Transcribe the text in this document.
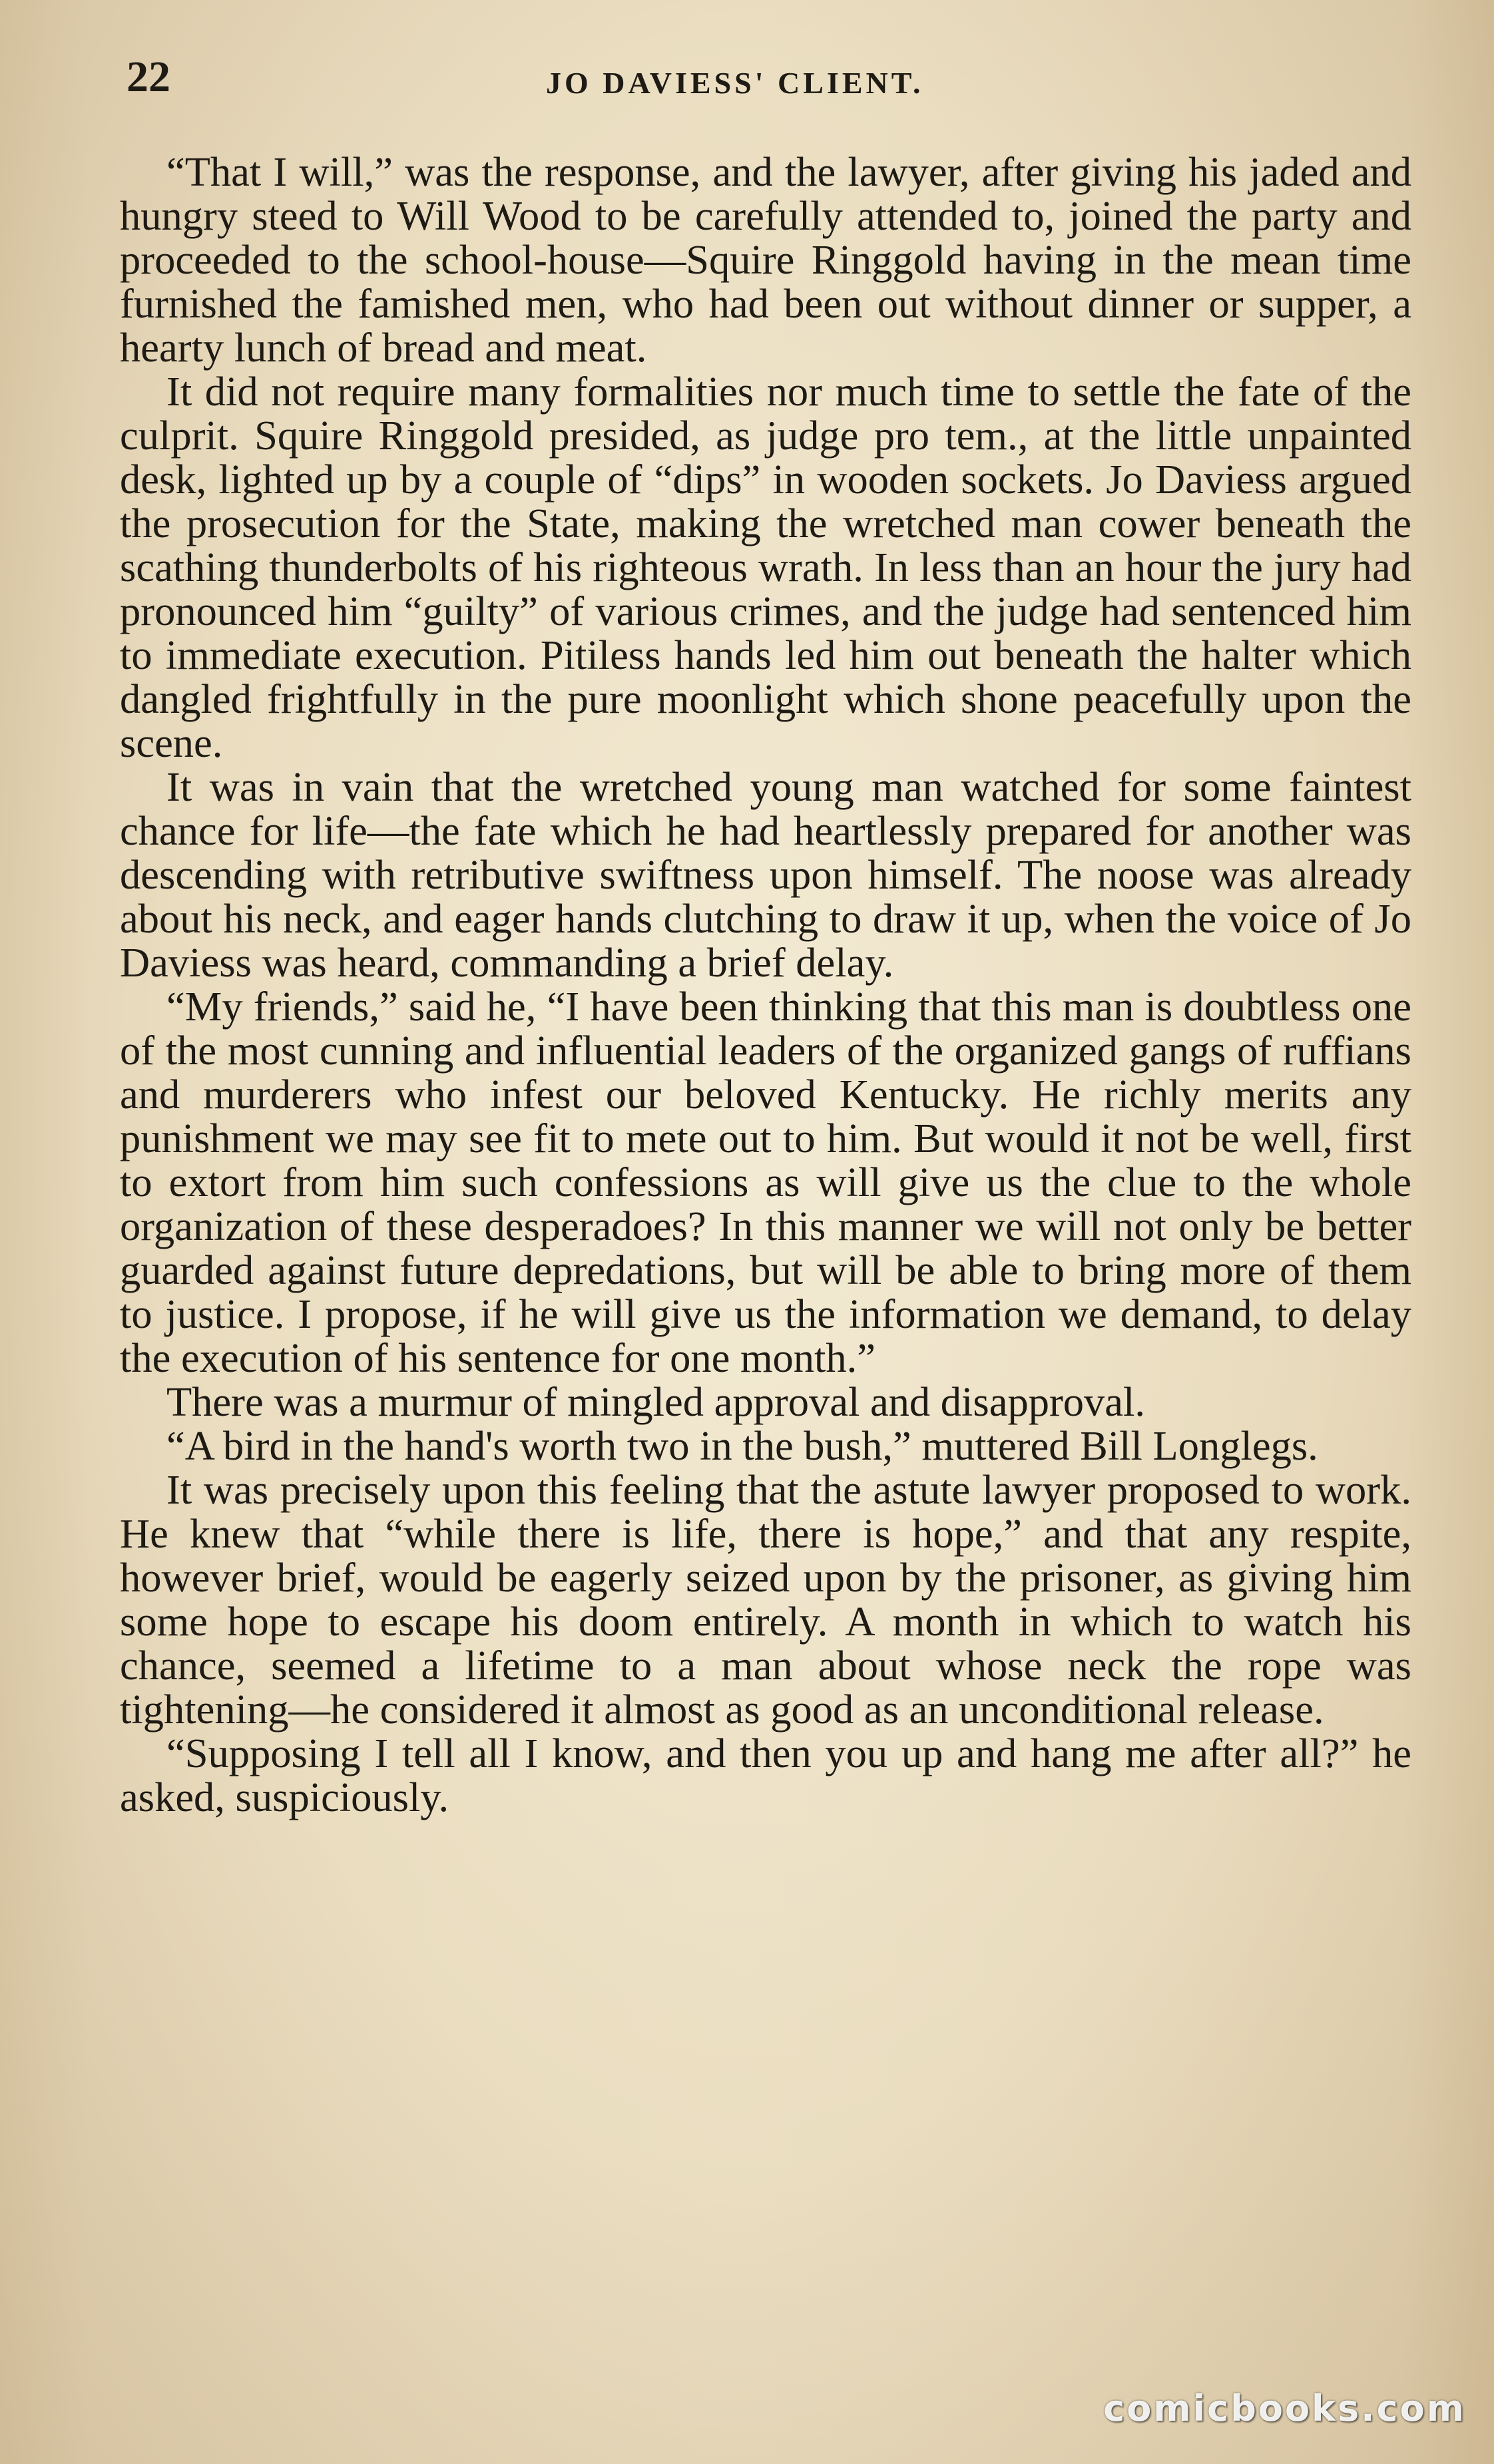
22	JO DAVIESS' CLIENT.

“That I will,” was the response, and the lawyer, after giving his jaded and hungry steed to Will Wood to be carefully attended to, joined the party and proceeded to the school-house—Squire Ringgold having in the mean time furnished the famished men, who had been out without dinner or supper, a hearty lunch of bread and meat.

It did not require many formalities nor much time to settle the fate of the culprit. Squire Ringgold presided, as judge pro tem., at the little unpainted desk, lighted up by a couple of “dips” in wooden sockets. Jo Daviess argued the prosecution for the State, making the wretched man cower beneath the scathing thunderbolts of his righteous wrath. In less than an hour the jury had pronounced him “guilty” of various crimes, and the judge had sentenced him to immediate execution. Pitiless hands led him out beneath the halter which dangled frightfully in the pure moonlight which shone peacefully upon the scene.

It was in vain that the wretched young man watched for some faintest chance for life—the fate which he had heartlessly prepared for another was descending with retributive swiftness upon himself. The noose was already about his neck, and eager hands clutching to draw it up, when the voice of Jo Daviess was heard, commanding a brief delay.

“My friends,” said he, “I have been thinking that this man is doubtless one of the most cunning and influential leaders of the organized gangs of ruffians and murderers who infest our beloved Kentucky. He richly merits any punishment we may see fit to mete out to him. But would it not be well, first to extort from him such confessions as will give us the clue to the whole organization of these desperadoes? In this manner we will not only be better guarded against future depredations, but will be able to bring more of them to justice. I propose, if he will give us the information we demand, to delay the execution of his sentence for one month.”

There was a murmur of mingled approval and disapproval.

“A bird in the hand's worth two in the bush,” muttered Bill Longlegs.

It was precisely upon this feeling that the astute lawyer proposed to work. He knew that “while there is life, there is hope,” and that any respite, however brief, would be eagerly seized upon by the prisoner, as giving him some hope to escape his doom entirely. A month in which to watch his chance, seemed a lifetime to a man about whose neck the rope was tightening—he considered it almost as good as an unconditional release.

“Supposing I tell all I know, and then you up and hang me after all?” he asked, suspiciously.

comicbooks.com
